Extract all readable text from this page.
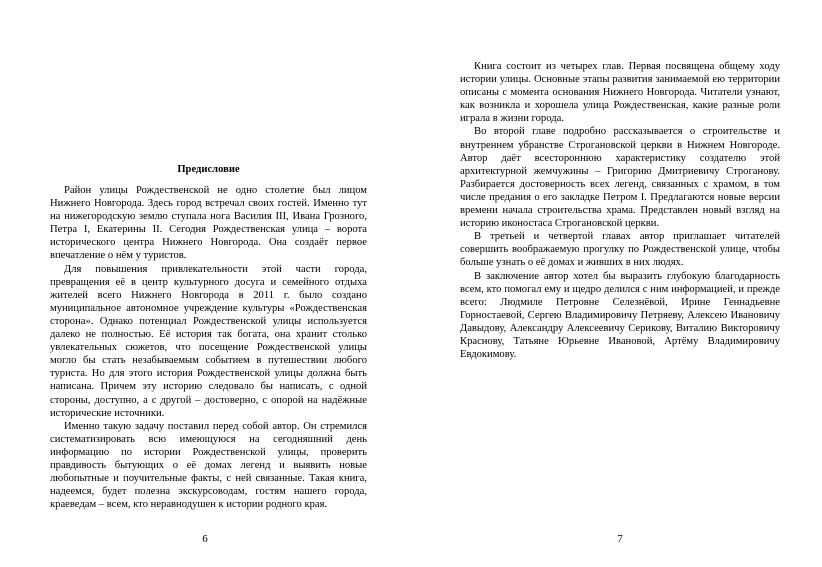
Предисловие

Район улицы Рождественской не одно столетие был лицом Нижнего Новгорода. Здесь город встречал своих гостей. Именно тут на нижегородскую землю ступала нога Василия III, Ивана Грозного, Петра I, Екатерины II. Сегодня Рождественская улица – ворота исторического центра Нижнего Новгорода. Она создаёт первое впечатление о нём у туристов.

Для повышения привлекательности этой части города, превращения её в центр культурного досуга и семейного отдыха жителей всего Нижнего Новгорода в 2011 г. было создано муниципальное автономное учреждение культуры «Рождественская сторона». Однако потенциал Рождественской улицы используется далеко не полностью. Её история так богата, она хранит столько увлекательных сюжетов, что посещение Рождественской улицы могло бы стать незабываемым событием в путешествии любого туриста. Но для этого история Рождественской улицы должна быть написана. Причем эту историю следовало бы написать, с одной стороны, доступно, а с другой – достоверно, с опорой на надёжные исторические источники.

Именно такую задачу поставил перед собой автор. Он стремился систематизировать всю имеющуюся на сегодняшний день информацию по истории Рождественской улицы, проверить правдивость бытующих о её домах легенд и выявить новые любопытные и поучительные факты, с ней связанные. Такая книга, надеемся, будет полезна экскурсоводам, гостям нашего города, краеведам – всем, кто неравнодушен к истории родного края.

6

Книга состоит из четырех глав. Первая посвящена общему ходу истории улицы. Основные этапы развития занимаемой ею территории описаны с момента основания Нижнего Новгорода. Читатели узнают, как возникла и хорошела улица Рождественская, какие разные роли играла в жизни города.

Во второй главе подробно рассказывается о строительстве и внутреннем убранстве Строгановской церкви в Нижнем Новгороде. Автор даёт всестороннюю характеристику создателю этой архитектурной жемчужины – Григорию Дмитриевичу Строганову. Разбирается достоверность всех легенд, связанных с храмом, в том числе предания о его закладке Петром I. Предлагаются новые версии времени начала строительства храма. Представлен новый взгляд на историю иконостаса Строгановской церкви.

В третьей и четвертой главах автор приглашает читателей совершить воображаемую прогулку по Рождественской улице, чтобы больше узнать о её домах и живших в них людях.

В заключение автор хотел бы выразить глубокую благодарность всем, кто помогал ему и щедро делился с ним информацией, и прежде всего: Людмиле Петровне Селезнёвой, Ирине Геннадьевне Горностаевой, Сергею Владимировичу Петряеву, Алексею Ивановичу Давыдову, Александру Алексеевичу Серикову, Виталию Викторовичу Краснову, Татьяне Юрьевне Ивановой, Артёму Владимировичу Евдокимову.

7
